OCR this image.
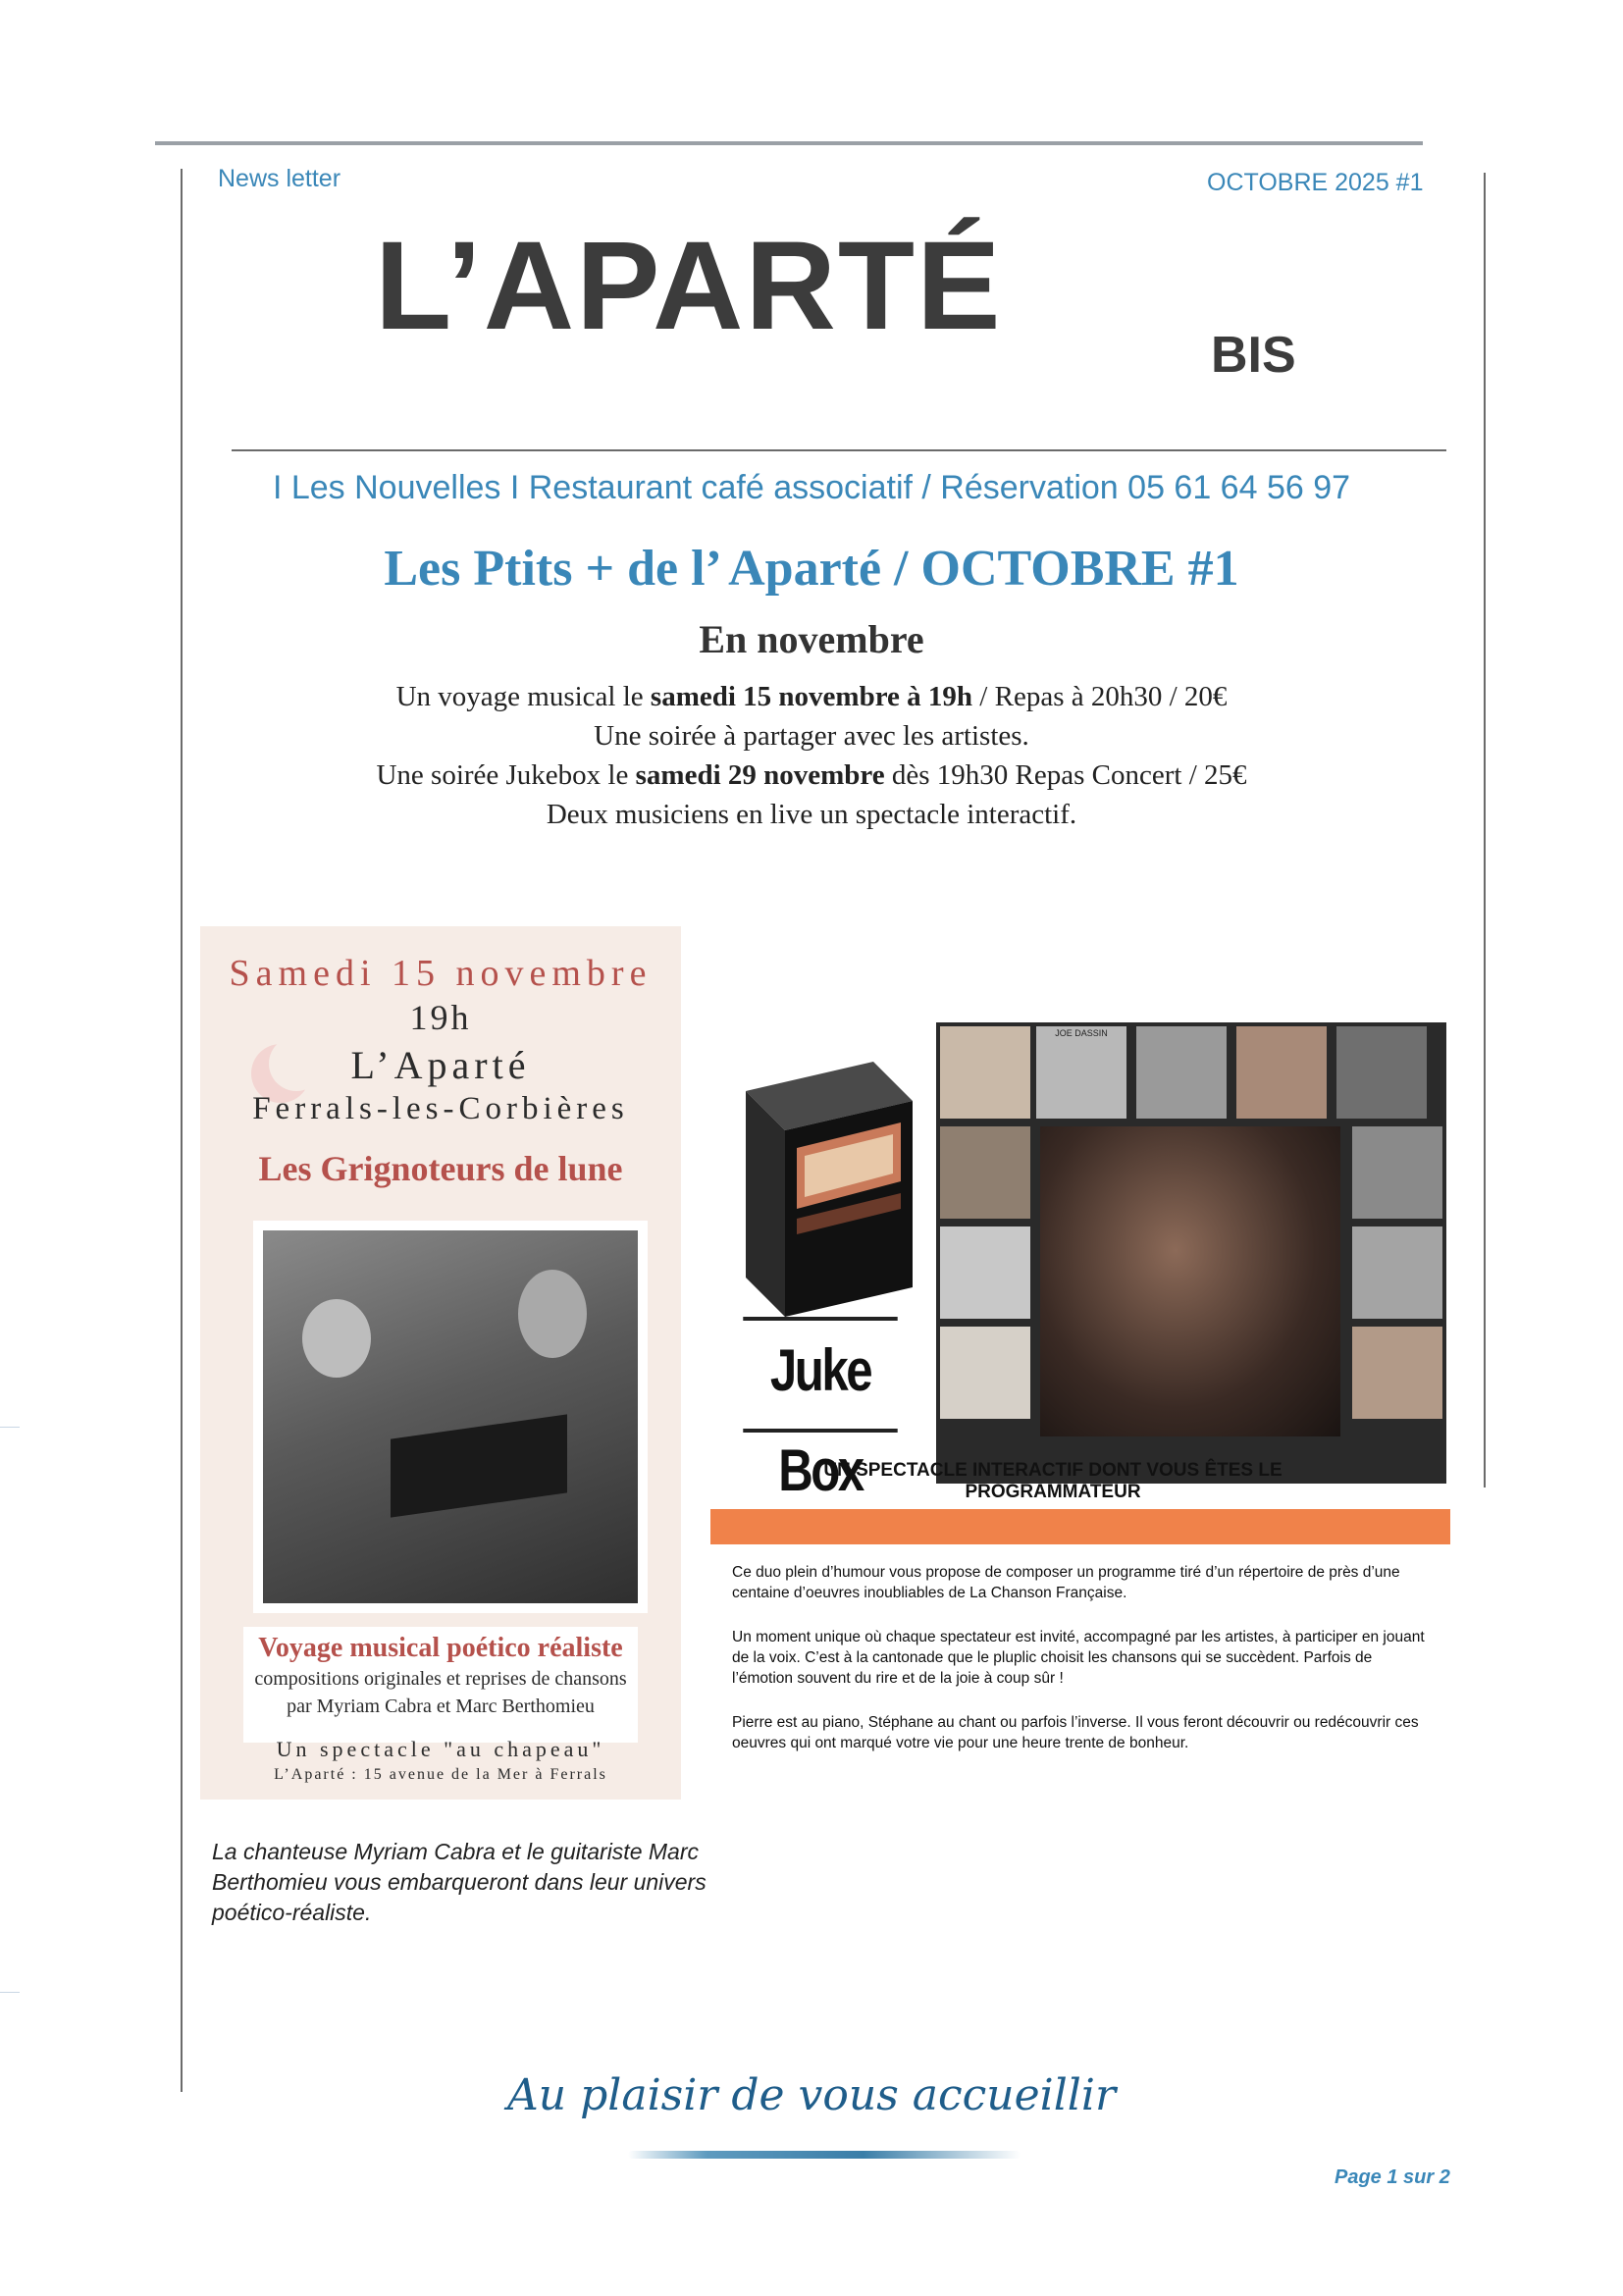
News letter	OCTOBRE 2025 #1
L’APARTÉ	BIS
I Les Nouvelles I Restaurant café associatif / Réservation 05 61 64 56 97
Les Ptits + de l’ Aparté / OCTOBRE #1
En novembre
Un voyage musical le samedi 15 novembre à 19h / Repas à 20h30 / 20€
Une soirée à partager avec les artistes.
Une soirée Jukebox le samedi 29 novembre dès 19h30 Repas Concert / 25€
Deux musiciens en live un spectacle interactif.
Samedi 15 novembre
19h
L’Aparté
Ferrals-les-Corbières
Les Grignoteurs de lune
Voyage musical poético réaliste
compositions originales et reprises de chansons
par Myriam Cabra et Marc Berthomieu
Un spectacle "au chapeau"
L’Aparté : 15 avenue de la Mer à Ferrals
La chanteuse Myriam Cabra et le guitariste Marc Berthomieu vous embarqueront dans leur univers poético-réaliste.
Juke Box
JOE DASSIN
UN SPECTACLE INTERACTIF DONT VOUS ÊTES LE PROGRAMMATEUR

Ce duo plein d’humour vous propose de composer un programme tiré d’un répertoire de près d’une centaine d’oeuvres inoubliables de La Chanson Française.

Un moment unique où chaque spectateur est invité, accompagné par les artistes, à participer en jouant de la voix. C’est à la cantonade que le pluplic choisit les chansons qui se succèdent. Parfois de l’émotion souvent du rire et de la joie à coup sûr !

Pierre est au piano, Stéphane au chant ou parfois l’inverse. Il vous feront découvrir ou redécouvrir ces oeuvres qui ont marqué votre vie pour une heure trente de bonheur.

Au plaisir de vous accueillir
Page 1 sur 2
